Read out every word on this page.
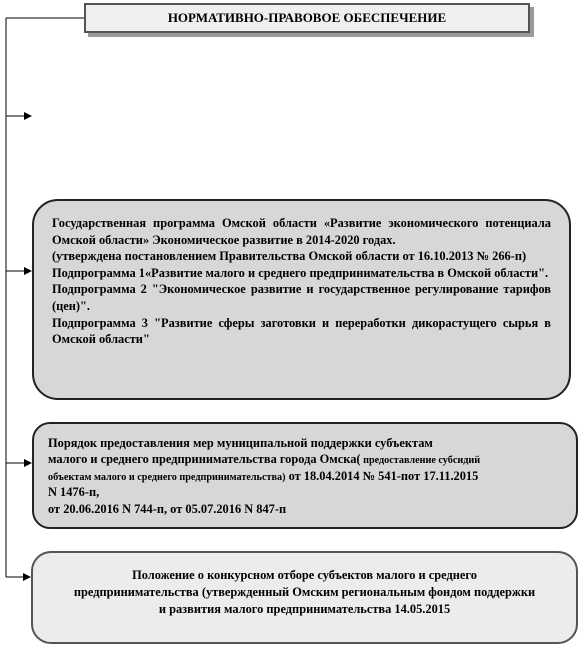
НОРМАТИВНО-ПРАВОВОЕ ОБЕСПЕЧЕНИЕ

Государственная программа Омской области «Развитие экономического потенциала Омской области» Экономическое развитие в 2014-2020 годах.

(утверждена постановлением Правительства Омской области от 16.10.2013 № 266-п)

Подпрограмма 1«Развитие малого и среднего предпринимательства в Омской области".

Подпрограмма 2 "Экономическое развитие и государственное регулирование тарифов (цен)".

Подпрограмма 3 "Развитие сферы заготовки и переработки дикорастущего сырья в Омской области"

Порядок предоставления мер муниципальной поддержки субъектам

малого и среднего предпринимательства города Омска( предоставление субсидий

объектам малого и среднего предпринимательства) от 18.04.2014 № 541-пот 17.11.2015

N 1476-п,

от 20.06.2016 N 744-п, от 05.07.2016 N 847-п

Положение о конкурсном отборе субъектов малого и среднего

предпринимательства (утвержденный Омским региональным фондом поддержки

и развития малого предпринимательства 14.05.2015
